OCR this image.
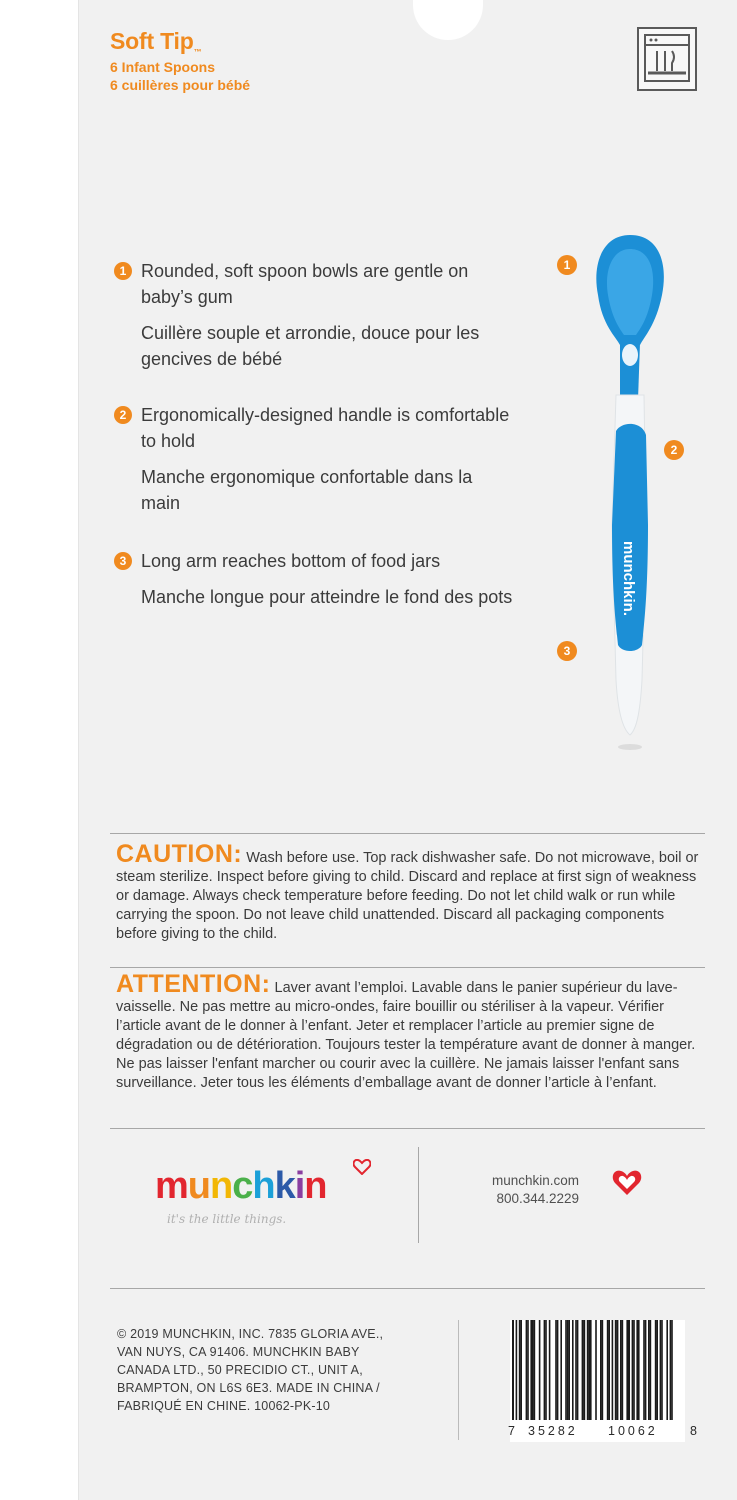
Soft Tip$_™$
6 Infant Spoons
6 cuillères pour bébé
1 Rounded, soft spoon bowls are gentle on baby’s gum
Cuillère souple et arrondie, douce pour les gencives de bébé
2 Ergonomically-designed handle is comfortable to hold
Manche ergonomique confortable dans la main
3 Long arm reaches bottom of food jars
Manche longue pour atteindre le fond des pots	munchkin.
1
2
3
CAUTION: Wash before use. Top rack dishwasher safe. Do not microwave, boil or steam sterilize. Inspect before giving to child. Discard and replace at first sign of weakness or damage. Always check temperature before feeding. Do not let child walk or run while carrying the spoon. Do not leave child unattended. Discard all packaging components before giving to the child.
ATTENTION: Laver avant l’emploi. Lavable dans le panier supérieur du lave-vaisselle. Ne pas mettre au micro-ondes, faire bouillir ou stériliser à la vapeur. Vérifier l’article avant de le donner à l’enfant. Jeter et remplacer l’article au premier signe de dégradation ou de détérioration. Toujours tester la température avant de donner à manger. Ne pas laisser l'enfant marcher ou courir avec la cuillère. Ne jamais laisser l'enfant sans surveillance. Jeter tous les éléments d’emballage avant de donner l’article à l’enfant.
munchkin
it's the little things.
munchkin.com
800.344.2229
© 2019 MUNCHKIN, INC. 7835 GLORIA AVE.,
VAN NUYS, CA 91406. MUNCHKIN BABY
CANADA LTD., 50 PRECIDIO CT., UNIT A,
BRAMPTON, ON L6S 6E3. MADE IN CHINA /
FABRIQUÉ EN CHINE. 10062-PK-10
7 35282 10062	8
